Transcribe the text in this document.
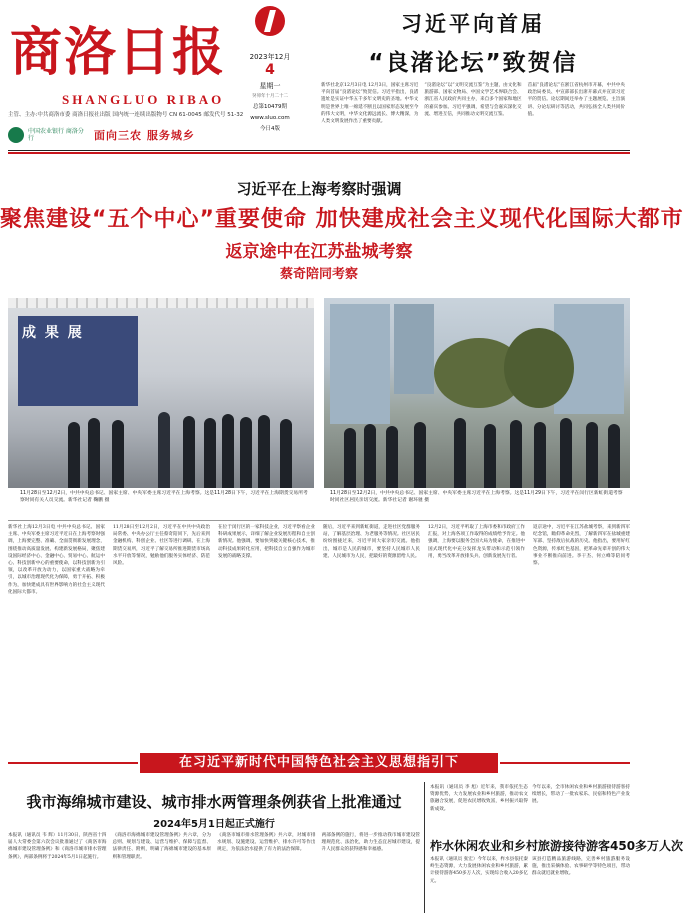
商洛日报
SHANGLUO RIBAO
主管、主办:中共商洛市委 商洛日报社出版 国内统一连续出版物号 CN 61-0045 邮发代号 51-32
中国农业银行 商洛分行	面向三农 服务城乡
2023年12月
4
星期一
癸卯年十月二十二
总第10479期
www.sluo.com
今日4版
习近平向首届
“良渚论坛”致贺信

新华社北京12月3日电 12月3日，国家主席习近平向首届“良渚论坛”致贺信。习近平指出，良渚遗址是实证中华五千多年文明史的圣地。中华文明是世界上唯一绵延不断且以国家形态发展至今的伟大文明，中华文化源远流长、博大精深，为人类文明发展作出了重要贡献。

“良渚论坛”以“文明交流互鉴”为主题，由文化和旅游部、国家文物局、中国文学艺术界联合会、浙江省人民政府共同主办，来自多个国家和地区的嘉宾参加。习近平强调，希望与会嘉宾深化交流、增进互信，共同推动文明交流互鉴。

首届“良渚论坛”在浙江省杭州市开幕，中共中央政治局委员、中宣部部长出席开幕式并宣读习近平的贺信。论坛期间还举办了主题展览、主旨演讲、分论坛研讨等活动，共同弘扬全人类共同价值。

习近平在上海考察时强调
聚焦建设“五个中心”重要使命 加快建成社会主义现代化国际大都市
返京途中在江苏盐城考察
蔡奇陪同考察
成 果 展
11月28日至12月2日，中共中央总书记、国家主席、中央军委主席习近平在上海考察。这是11月28日下午，习近平在上海期货交易所考察时同有关人员交流。新华社记者 鞠鹏 摄
11月28日至12月2日，中共中央总书记、国家主席、中央军委主席习近平在上海考察。这是11月29日下午，习近平在闵行区新虹街道考察时同社区居民亲切交流。新华社记者 谢环驰 摄

新华社上海12月3日电 中共中央总书记、国家主席、中央军委主席习近平近日在上海考察时强调，上海要完整、准确、全面贯彻新发展理念，围绕推动高质量发展、构建新发展格局，聚焦建设国际经济中心、金融中心、贸易中心、航运中心、科技创新中心的重要使命，以科技创新为引领，以改革开放为动力，以国家重大战略为牵引，以城市治理现代化为保障，勇于开拓、积极作为，加快建成具有世界影响力的社会主义现代化国际大都市。

11月28日至12月2日，习近平在中共中央政治局常委、中央办公厅主任蔡奇陪同下，先后来到金融机构、科创企业、社区等进行调研。在上海期货交易所，习近平了解交易所推进期货市场高水平开放等情况，勉励他们服务实体经济、防范风险。

在位于闵行区的一家科技企业，习近平察看企业科研成果展示，详细了解企业发展历程和自主创新情况。他强调，要加快突破关键核心技术，推动科技成果转化应用，把科技自立自强作为城市发展的战略支撑。

随后，习近平来到新虹街道，走进社区党群服务站，了解基层治理、为老服务等情况。社区居民纷纷围拢过来，习近平同大家亲切交流。他指出，城市是人民的城市，要坚持人民城市人民建、人民城市为人民，把最好的资源留给人民。

12月2日，习近平听取了上海市委和市政府工作汇报，对上海各项工作取得的成绩给予肯定。他强调，上海要以服务全国大局为使命，在推进中国式现代化中充分发挥龙头带动和示范引领作用，勇当改革开放排头兵、创新发展先行者。

返京途中，习近平在江苏盐城考察，来到新四军纪念馆，瞻仰革命先烈，了解新四军在盐城重建军部、坚持敌后抗战的历史。他指出，要用好红色资源，传承红色基因，把革命先辈开创的伟大事业不断推向前进。李干杰、何立峰等陪同考察。

在习近平新时代中国特色社会主义思想指引下
我市海绵城市建设、城市排水两管理条例获省上批准通过
2024年5月1日起正式施行

本报讯（通讯员 韦 辉）11月30日，陕西省十四届人大常委会第六次会议批准通过了《商洛市海绵城市建设管理条例》和《商洛市城市排水管理条例》，两部条例将于2024年5月1日起施行。

《商洛市海绵城市建设管理条例》共六章，分为总则、规划与建设、运营与维护、保障与监督、法律责任、附则，明确了海绵城市建设的基本原则和管理职责。

《商洛市城市排水管理条例》共六章，对城市排水规划、设施建设、运营维护、排水许可等作出规定，为依法治水提供了有力的法治保障。

两部条例的施行，将进一步推动我市城市建设管理规范化、法治化，助力生态宜居城市建设，提升人民群众的获得感和幸福感。

本报讯（通讯员 李 旭）近年来，我市依托生态资源优势，大力发展农业和乡村旅游，推动农文旅融合发展，促进农民增收致富，乡村振兴取得新成效。

今年以来，全市休闲农业和乡村旅游接待游客持续增长，带动了一批农家乐、民宿和特色产业发展。

柞水休闲农业和乡村旅游接待游客450多万人次

本报讯（通讯员 张宏）今年以来，柞水县依托秦岭生态资源，大力发展休闲农业和乡村旅游，累计接待游客450多万人次，实现综合收入20多亿元。

该县打造精品旅游线路，完善乡村旅游服务设施，推出采摘体验、农事研学等特色项目，带动群众就近就业增收。
